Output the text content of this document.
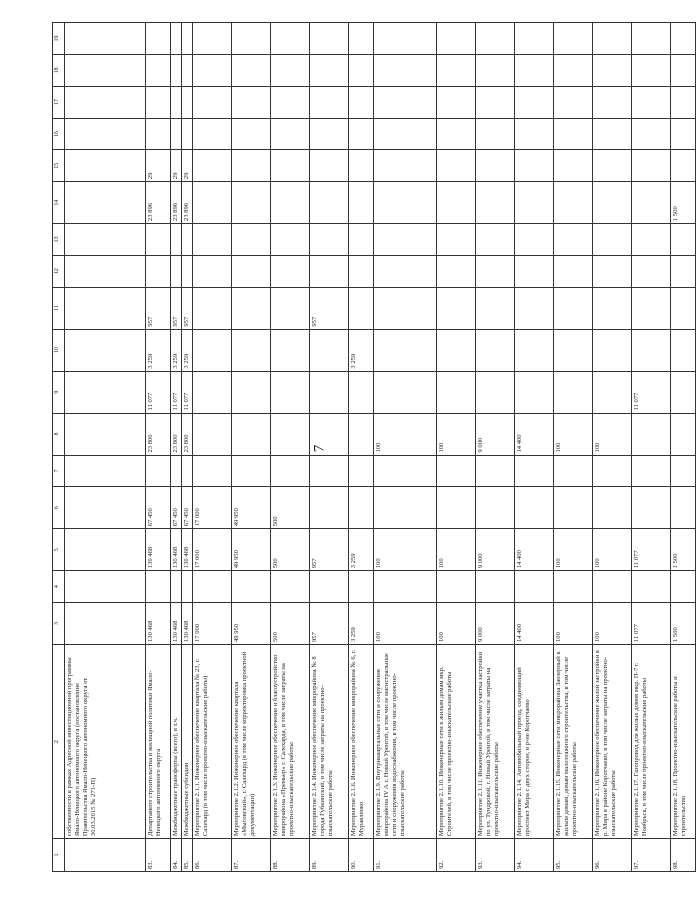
7
1	2	3	4	5	6	7	8	9	10	11	12	13	14	15	16	17	18	19
	собственности в рамках Адресной инвестиционной программы Ямало-Ненецкого автономного округа (постановление Правительства Ямало-Ненецкого автономного округа от 30.03.2015 № 271-П)																	
83.	Департамент строительства и жилищной политики Ямало-Ненецкого автономного округа	130 468		130 468	67 450		23 800	11 077	3 259	957			23 896	29				
84.	Межбюджетные трансферты (всего), в т.ч.	130 468		130 468	67 450		23 800	11 077	3 259	957			23 896	29				
85.	Межбюджетные субсидии	130 468		130 468	67 450		23 800	11 077	3 259	957			23 896	29				
86.	Мероприятие 2.1.1. Инженерное обеспечение квартала № 23, г. Салехард (в том числе проектно-изыскательские работы)	17 000		17 000	17 000													
87.	Мероприятие 2.1.2. Инженерное обеспечение квартала «Мысовский», г. Салехард (в том числе корректировка проектной документации)	49 950		49 950	49 950													
88.	Мероприятие 2.1.3. Инженерное обеспечение и благоустройство микрорайона «Премьер» г. Салехарда, в том числе затраты на проектно-изыскательские работы	500		500	500													
89.	Мероприятие 2.1.4. Инженерное обеспечение микрорайона № 8 города Губкинский, в том числе затраты на проектно-изыскательские работы	957		957						957								
90.	Мероприятие 2.1.6. Инженерное обеспечение микрорайона № 6, г. Муравленко	3 259		3 259					3 259									
91.	Мероприятие 2.1.9. Внутриквартальные сети и сооружения микрорайона IV А г. Новый Уренгой, в том числе магистральные сети и сооружения водоснабжения, в том числе проектно-изыскательские работы	100		100			100											
92.	Мероприятие 2.1.10. Инженерные сети к жилым домам мкр. Строителей, в том числе проектно-изыскательские работы	100		100			100											
93.	Мероприятие 2.1.11. Инженерное обеспечение участка застройки по ул. Тундровой, г. Новый Уренгой, в том числе затраты на проектно-изыскательские работы	9 000		9 000			9 000											
94.	Мероприятие 2.1.14. Автомобильный проезд, соединяющий проспект Мира с двух сторон, в р-не Коротчаево	14 400		14 400			14 400											
95.	Мероприятие 2.1.15. Инженерные сети микрорайона Заозерный к жилым домам, домам малоэтажного строительства, в том числе проектно-изыскательские работы	100		100			100											
96.	Мероприятие 2.1.16. Инженерное обеспечение жилой застройки в р. Мира в районе Коротчаево, в том числе затраты на проектно-изыскательские работы	100		100			100											
97.	Мероприятие 2.1.17. Газопровод для жилых домов мкр. П-7 г. Ноябрьск, в том числе проектно-изыскательские работы	11 077		11 077				11 077										
98.	Мероприятие 2.1.18. Проектно-изыскательские работы и строительство	1 500		1 500									1 500					
